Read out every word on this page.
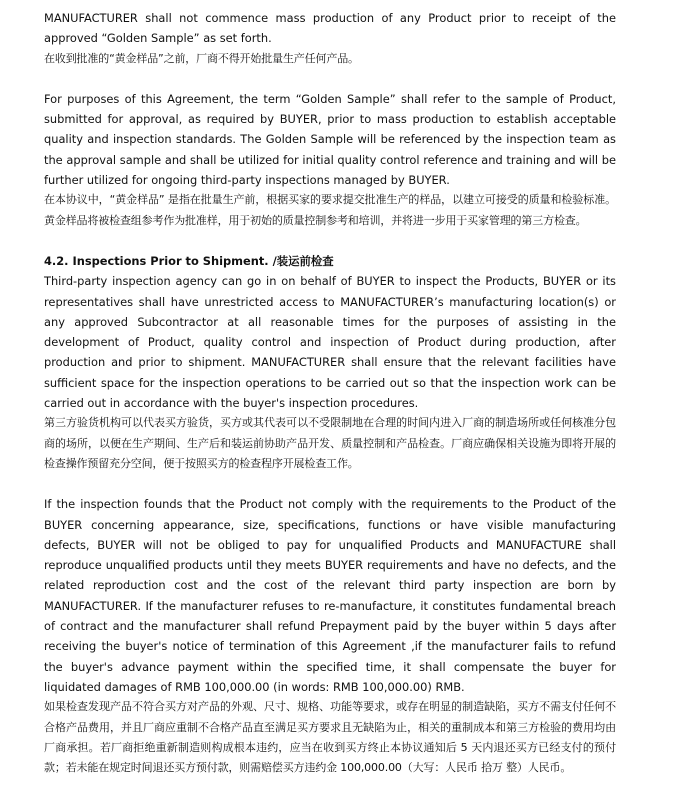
MANUFACTURER shall not commence mass production of any Product prior to receipt of the approved “Golden Sample” as set forth.

在收到批准的“黄金样品”之前，厂商不得开始批量生产任何产品。

For purposes of this Agreement, the term “Golden Sample” shall refer to the sample of Product, submitted for approval, as required by BUYER, prior to mass production to establish acceptable quality and inspection standards. The Golden Sample will be referenced by the inspection team as the approval sample and shall be utilized for initial quality control reference and training and will be further utilized for ongoing third-party inspections managed by BUYER.

在本协议中，“黄金样品” 是指在批量生产前，根据买家的要求提交批准生产的样品，以建立可接受的质量和检验标准。黄金样品将被检查组参考作为批准样，用于初始的质量控制参考和培训，并将进一步用于买家管理的第三方检查。

4.2. Inspections Prior to Shipment. /装运前检查

Third-party inspection agency can go in on behalf of BUYER to inspect the Products, BUYER or its representatives shall have unrestricted access to MANUFACTURER’s manufacturing location(s) or any approved Subcontractor at all reasonable times for the purposes of assisting in the development of Product, quality control and inspection of Product during production, after production and prior to shipment. MANUFACTURER shall ensure that the relevant facilities have sufficient space for the inspection operations to be carried out so that the inspection work can be carried out in accordance with the buyer's inspection procedures.

第三方验货机构可以代表买方验货，买方或其代表可以不受限制地在合理的时间内进入厂商的制造场所或任何核准分包商的场所，以便在生产期间、生产后和装运前协助产品开发、质量控制和产品检查。厂商应确保相关设施为即将开展的检查操作预留充分空间，便于按照买方的检查程序开展检查工作。

If the inspection founds that the Product not comply with the requirements to the Product of the BUYER concerning appearance, size, specifications, functions or have visible manufacturing defects, BUYER will not be obliged to pay for unqualified Products and MANUFACTURE shall reproduce unqualified products until they meets BUYER requirements and have no defects, and the related reproduction cost and the cost of the relevant third party inspection are born by MANUFACTURER. If the manufacturer refuses to re-manufacture, it constitutes fundamental breach of contract and the manufacturer shall refund Prepayment paid by the buyer within 5 days after receiving the buyer's notice of termination of this Agreement ,if the manufacturer fails to refund the buyer's advance payment within the specified time, it shall compensate the buyer for liquidated damages of RMB 100,000.00 (in words: RMB 100,000.00) RMB.

如果检查发现产品不符合买方对产品的外观、尺寸、规格、功能等要求，或存在明显的制造缺陷，买方不需支付任何不合格产品费用，并且厂商应重制不合格产品直至满足买方要求且无缺陷为止，相关的重制成本和第三方检验的费用均由厂商承担。若厂商拒绝重新制造则构成根本违约，应当在收到买方终止本协议通知后 5 天内退还买方已经支付的预付款；若未能在规定时间退还买方预付款，则需赔偿买方违约金 100,000.00（大写：人民币 拾万 整）人民币。
